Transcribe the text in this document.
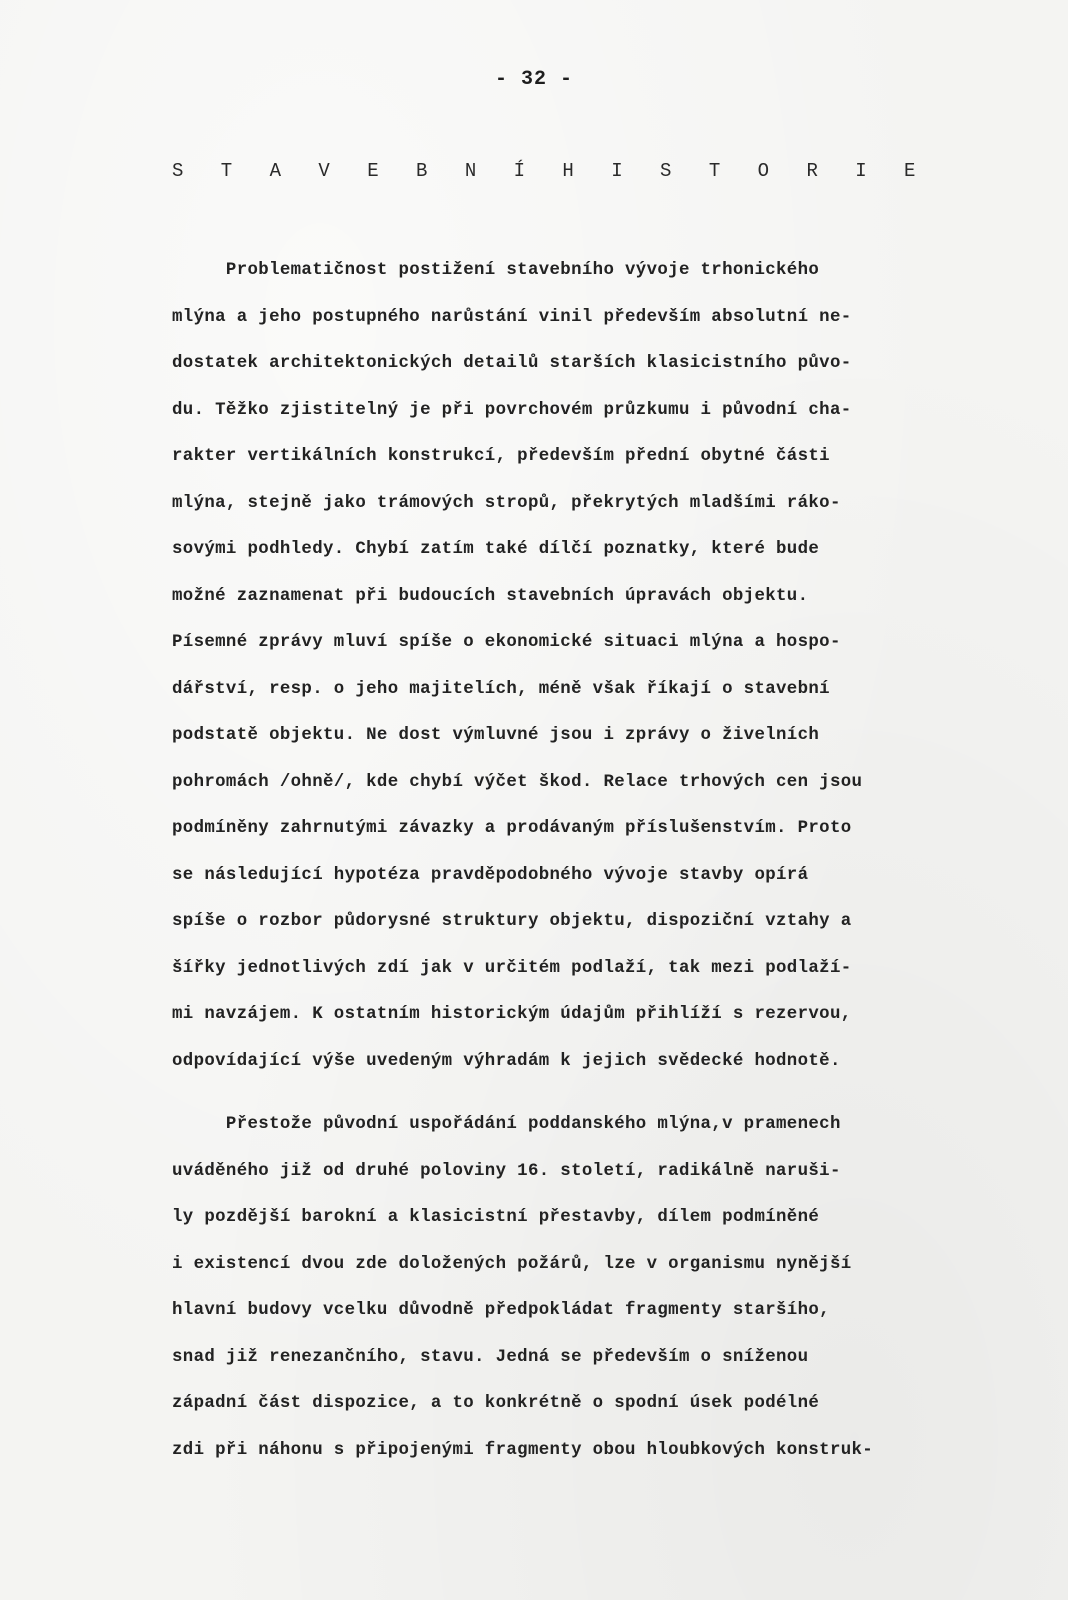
- 32 -
S T A V E B N Í H I S T O R I E
Problematičnost postižení stavebního vývoje trhonického
mlýna a jeho postupného narůstání vinil především absolutní ne-
dostatek architektonických detailů starších klasicistního půvo-
du. Těžko zjistitelný je při povrchovém průzkumu i původní cha-
rakter vertikálních konstrukcí, především přední obytné části
mlýna, stejně jako trámových stropů, překrytých mladšími ráko-
sovými podhledy. Chybí zatím také dílčí poznatky, které bude
možné zaznamenat při budoucích stavebních úpravách objektu.
Písemné zprávy mluví spíše o ekonomické situaci mlýna a hospo-
dářství, resp. o jeho majitelích, méně však říkají o stavební
podstatě objektu. Ne dost výmluvné jsou i zprávy o živelních
pohromách /ohně/, kde chybí výčet škod. Relace trhových cen jsou
podmíněny zahrnutými závazky a prodávaným příslušenstvím. Proto
se následující hypotéza pravděpodobného vývoje stavby opírá
spíše o rozbor půdorysné struktury objektu, dispoziční vztahy a
šířky jednotlivých zdí jak v určitém podlaží, tak mezi podlaží-
mi navzájem. K ostatním historickým údajům přihlíží s rezervou,
odpovídající výše uvedeným výhradám k jejich svědecké hodnotě.
Přestože původní uspořádání poddanského mlýna,v pramenech
uváděného již od druhé poloviny 16. století, radikálně naruši-
ly pozdější barokní a klasicistní přestavby, dílem podmíněné
i existencí dvou zde doložených požárů, lze v organismu nynější
hlavní budovy vcelku důvodně předpokládat fragmenty staršího,
snad již renezančního, stavu. Jedná se především o sníženou
západní část dispozice, a to konkrétně o spodní úsek podélné
zdi při náhonu s připojenými fragmenty obou hloubkových konstruk-
